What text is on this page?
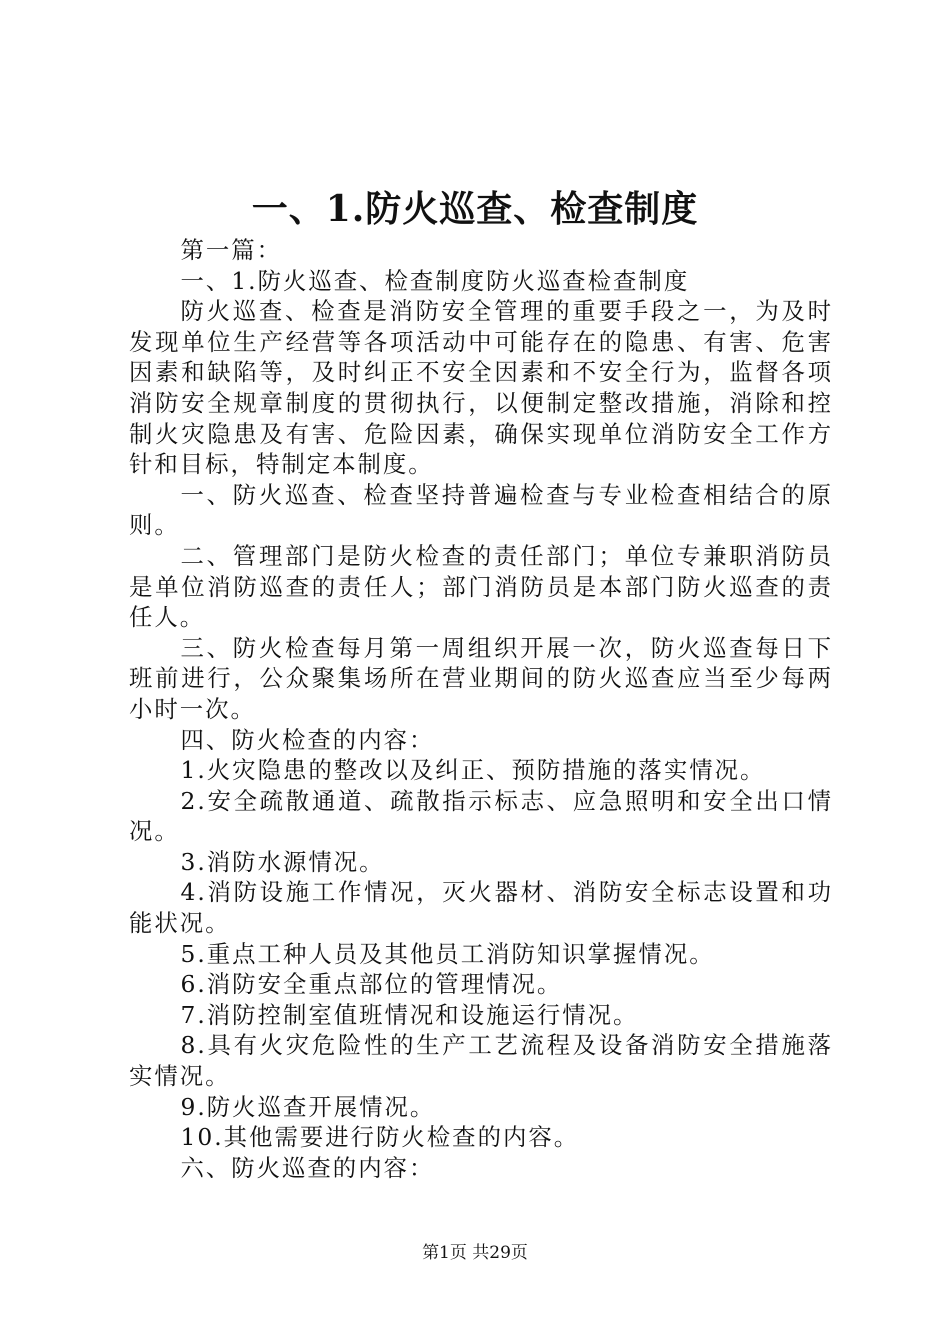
一、1.防火巡查、检查制度

第一篇：

一、1.防火巡查、检查制度防火巡查检查制度

防火巡查、检查是消防安全管理的重要手段之一，为及时发现单位生产经营等各项活动中可能存在的隐患、有害、危害因素和缺陷等，及时纠正不安全因素和不安全行为，监督各项消防安全规章制度的贯彻执行，以便制定整改措施，消除和控制火灾隐患及有害、危险因素，确保实现单位消防安全工作方针和目标，特制定本制度。

一、防火巡查、检查坚持普遍检查与专业检查相结合的原则。

二、管理部门是防火检查的责任部门；单位专兼职消防员是单位消防巡查的责任人；部门消防员是本部门防火巡查的责任人。

三、防火检查每月第一周组织开展一次，防火巡查每日下班前进行，公众聚集场所在营业期间的防火巡查应当至少每两小时一次。

四、防火检查的内容：

1.火灾隐患的整改以及纠正、预防措施的落实情况。

2.安全疏散通道、疏散指示标志、应急照明和安全出口情况。

3.消防水源情况。

4.消防设施工作情况，灭火器材、消防安全标志设置和功能状况。

5.重点工种人员及其他员工消防知识掌握情况。

6.消防安全重点部位的管理情况。

7.消防控制室值班情况和设施运行情况。

8.具有火灾危险性的生产工艺流程及设备消防安全措施落实情况。

9.防火巡查开展情况。

10.其他需要进行防火检查的内容。

六、防火巡查的内容：

第1页 共29页
